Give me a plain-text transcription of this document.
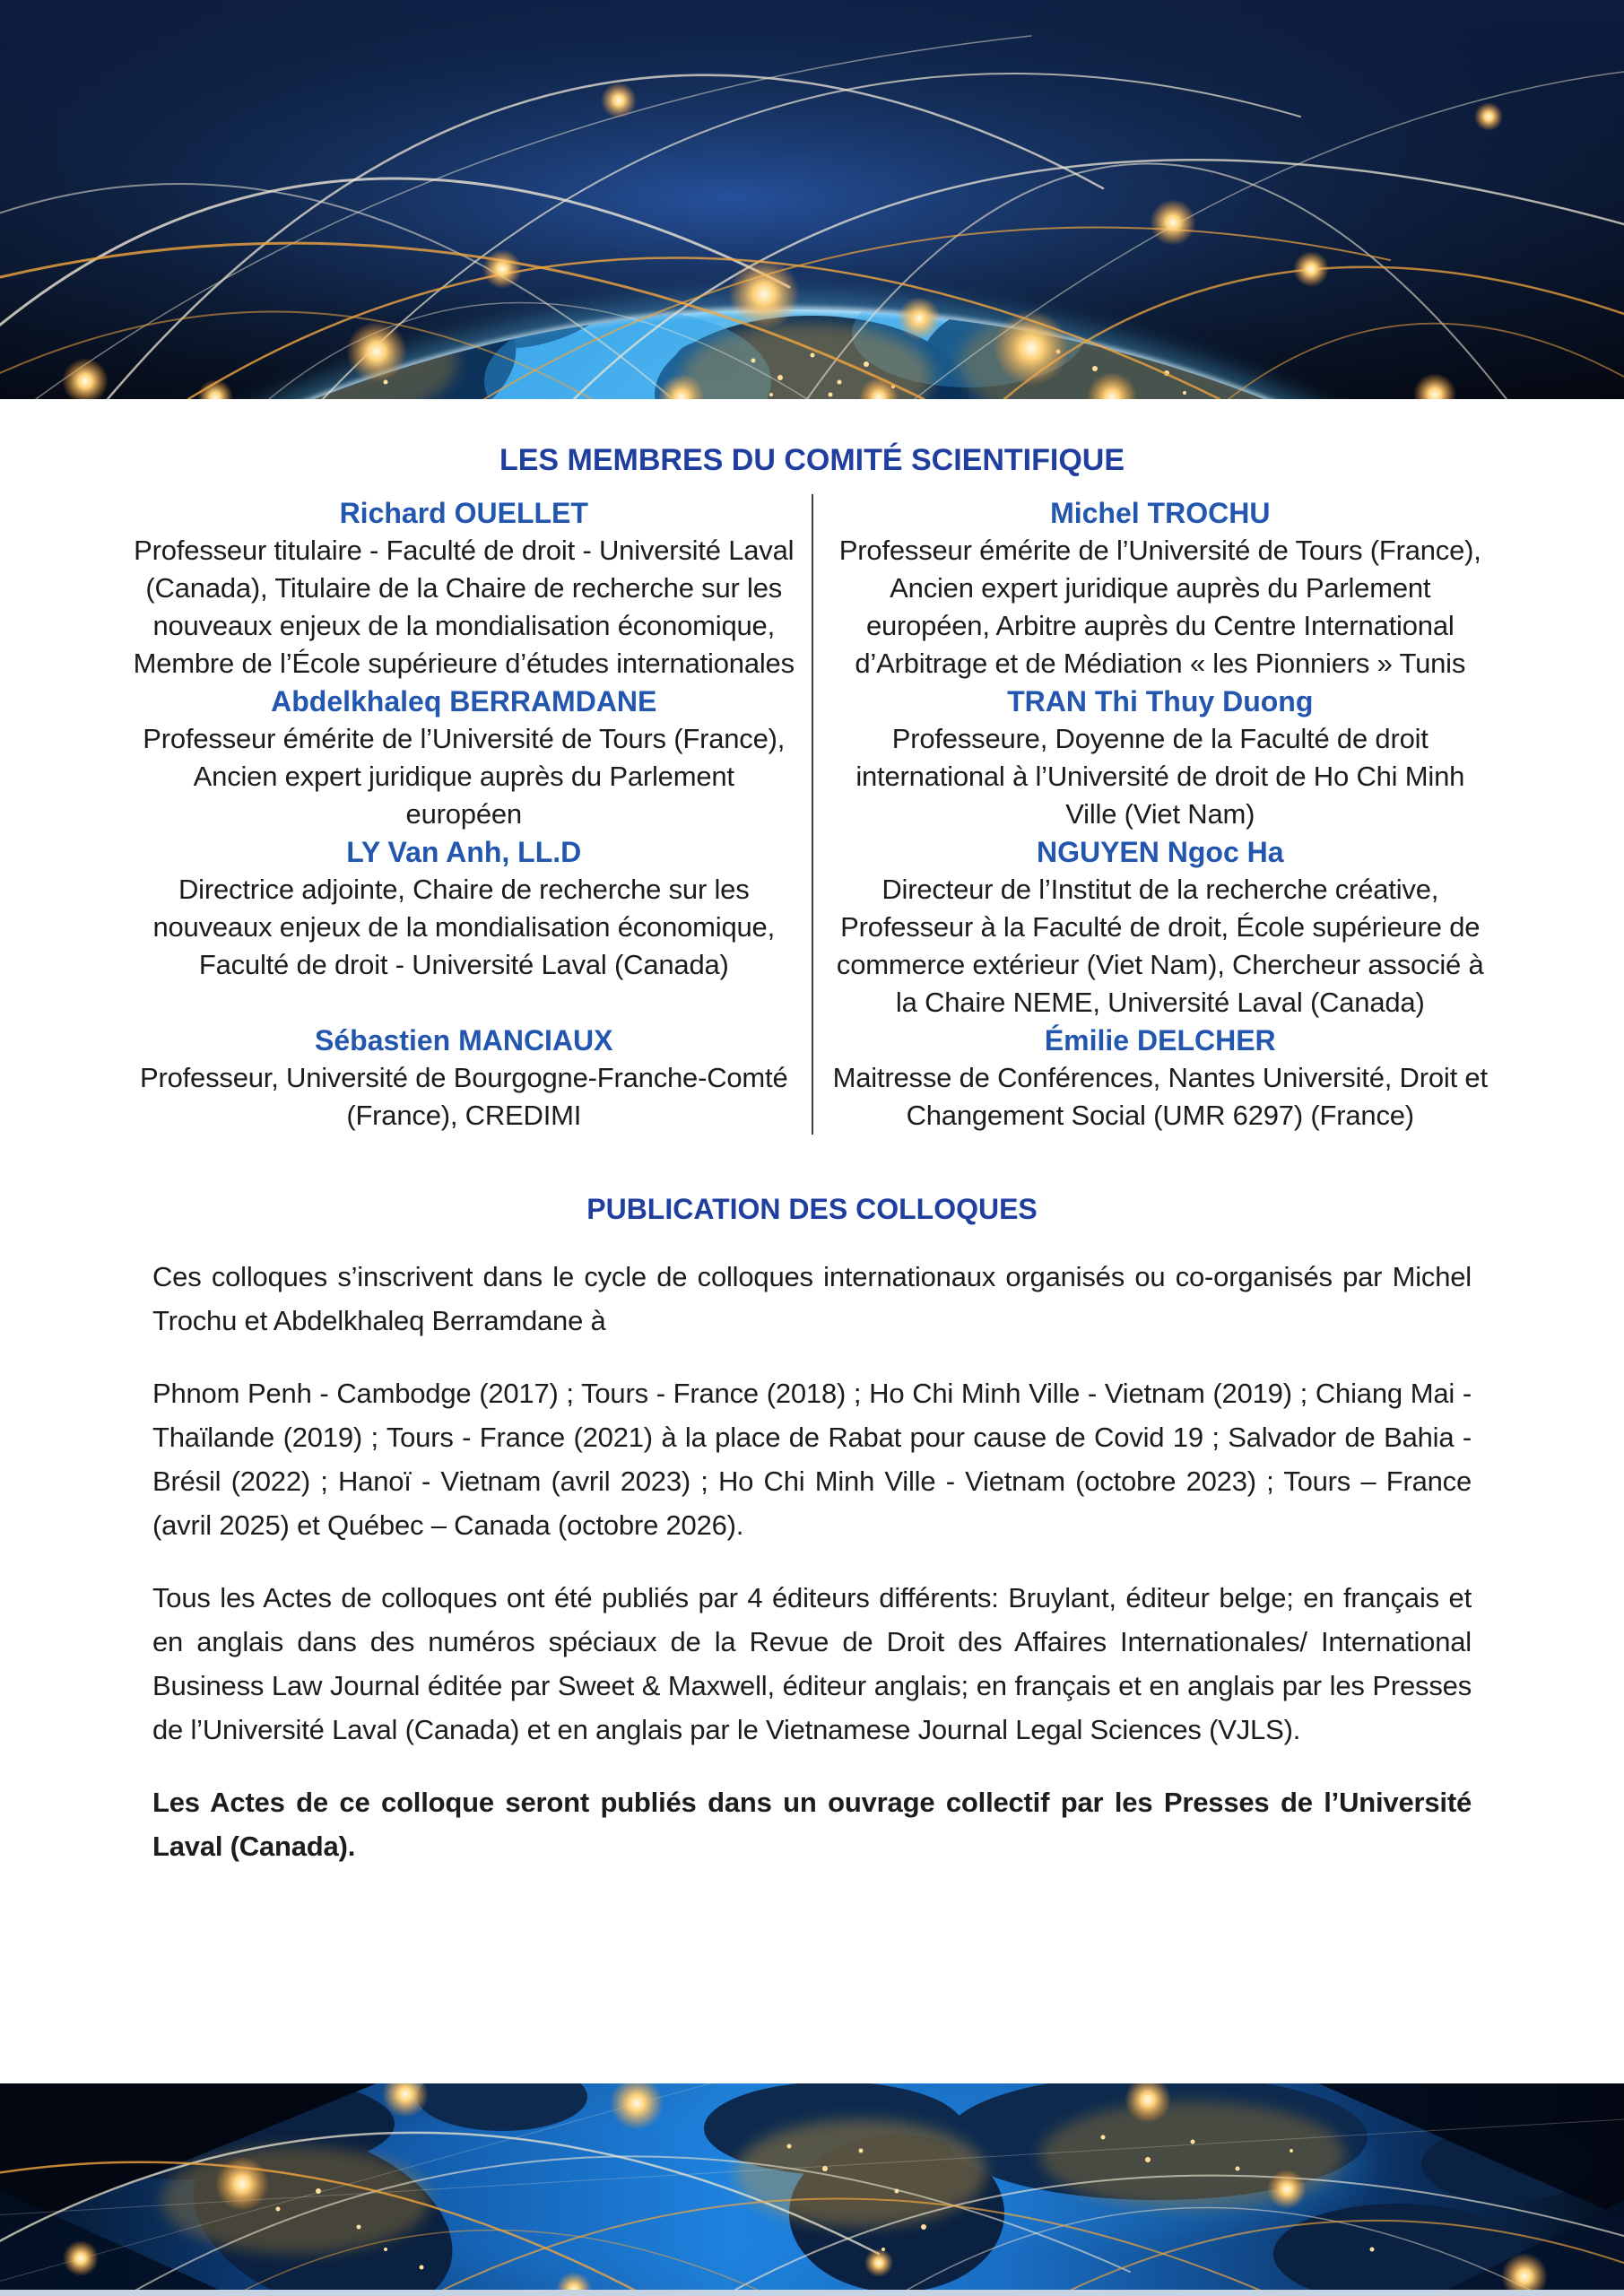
LES MEMBRES DU COMITÉ SCIENTIFIQUE
Richard OUELLET
Professeur titulaire - Faculté de droit - Université Laval (Canada), Titulaire de la Chaire de recherche sur les nouveaux enjeux de la mondialisation économique, Membre de l’École supérieure d’études internationales
Abdelkhaleq BERRAMDANE
Professeur émérite de l’Université de Tours (France), Ancien expert juridique auprès du Parlement européen
LY Van Anh, LL.D
Directrice adjointe, Chaire de recherche sur les nouveaux enjeux de la mondialisation économique, Faculté de droit - Université Laval (Canada)
Sébastien MANCIAUX
Professeur, Université de Bourgogne-Franche-Comté (France), CREDIMI
Michel TROCHU
Professeur émérite de l’Université de Tours (France), Ancien expert juridique auprès du Parlement européen, Arbitre auprès du Centre International d’Arbitrage et de Médiation « les Pionniers » Tunis
TRAN Thi Thuy Duong
Professeure, Doyenne de la Faculté de droit international à l’Université de droit de Ho Chi Minh Ville (Viet Nam)
NGUYEN Ngoc Ha
Directeur de l’Institut de la recherche créative, Professeur à la Faculté de droit, École supérieure de commerce extérieur (Viet Nam), Chercheur associé à la Chaire NEME, Université Laval (Canada)
Émilie DELCHER
Maitresse de Conférences, Nantes Université, Droit et Changement Social (UMR 6297) (France)
PUBLICATION DES COLLOQUES

Ces colloques s’inscrivent dans le cycle de colloques internationaux organisés ou co-organisés par Michel Trochu et Abdelkhaleq Berramdane à

Phnom Penh - Cambodge (2017) ; Tours - France (2018) ; Ho Chi Minh Ville - Vietnam (2019) ; Chiang Mai - Thaïlande (2019) ; Tours - France (2021) à la place de Rabat pour cause de Covid 19 ; Salvador de Bahia - Brésil (2022) ; Hanoï - Vietnam (avril 2023) ; Ho Chi Minh Ville - Vietnam (octobre 2023) ; Tours – France (avril 2025) et Québec – Canada (octobre 2026).

Tous les Actes de colloques ont été publiés par 4 éditeurs différents: Bruylant, éditeur belge; en français et en anglais dans des numéros spéciaux de la Revue de Droit des Affaires Internationales/ International Business Law Journal éditée par Sweet & Maxwell, éditeur anglais; en français et en anglais par les Presses de l’Université Laval (Canada) et en anglais par le Vietnamese Journal Legal Sciences (VJLS).

Les Actes de ce colloque seront publiés dans un ouvrage collectif par les Presses de l’Université Laval (Canada).
